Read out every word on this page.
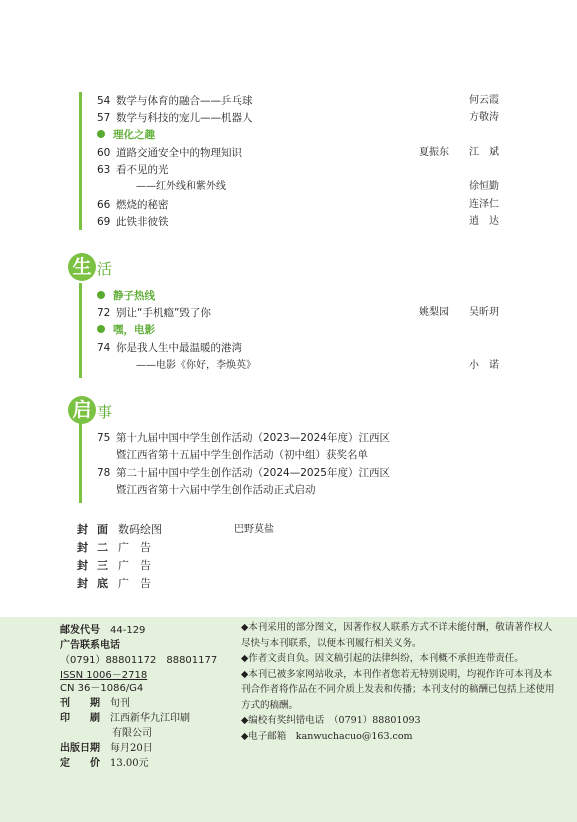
54 数学与体育的融合——乒乓球	何云霞
57 数学与科技的宠儿——机器人	方敬涛
理化之趣
60 道路交通安全中的物理知识	夏振东 江　斌
63 看不见的光
——红外线和紫外线	徐恒勤
66 燃烧的秘密	连泽仁
69 此铁非彼铁	逍　达
生 活
静子热线
72 别让“手机瘾”毁了你	姚梨园 吴昕玥
嘿，电影
74 你是我人生中最温暖的港湾
——电影《你好，李焕英》	小　诺
启 事
75 第十九届中国中学生创作活动（2023—2024年度）江西区
暨江西省第十五届中学生创作活动（初中组）获奖名单
78 第二十届中国中学生创作活动（2024—2025年度）江西区
暨江西省第十六届中学生创作活动正式启动
封面 数码绘图	巴野莫盐
封二 广　告
封三 广　告
封底 广　告
邮发代号 44-129
广告联系电话
（0791）88801172　88801177
ISSN 1006－2718
CN 36－1086/G4
刊　　期 旬刊
印　　刷 江西新华九江印刷
有限公司
出版日期 每月20日
定　　价 13.00元

◆本刊采用的部分图文，因著作权人联系方式不详未能付酬，敬请著作权人尽快与本刊联系，以便本刊履行相关义务。

◆作者文责自负。因文稿引起的法律纠纷，本刊概不承担连带责任。

◆本刊已被多家网站收录，本刊作者您若无特别说明，均视作许可本刊及本刊合作者将作品在不同介质上发表和传播；本刊支付的稿酬已包括上述使用方式的稿酬。

◆编校有奖纠错电话　（0791）88801093

◆电子邮箱　kanwuchacuo@163.com
